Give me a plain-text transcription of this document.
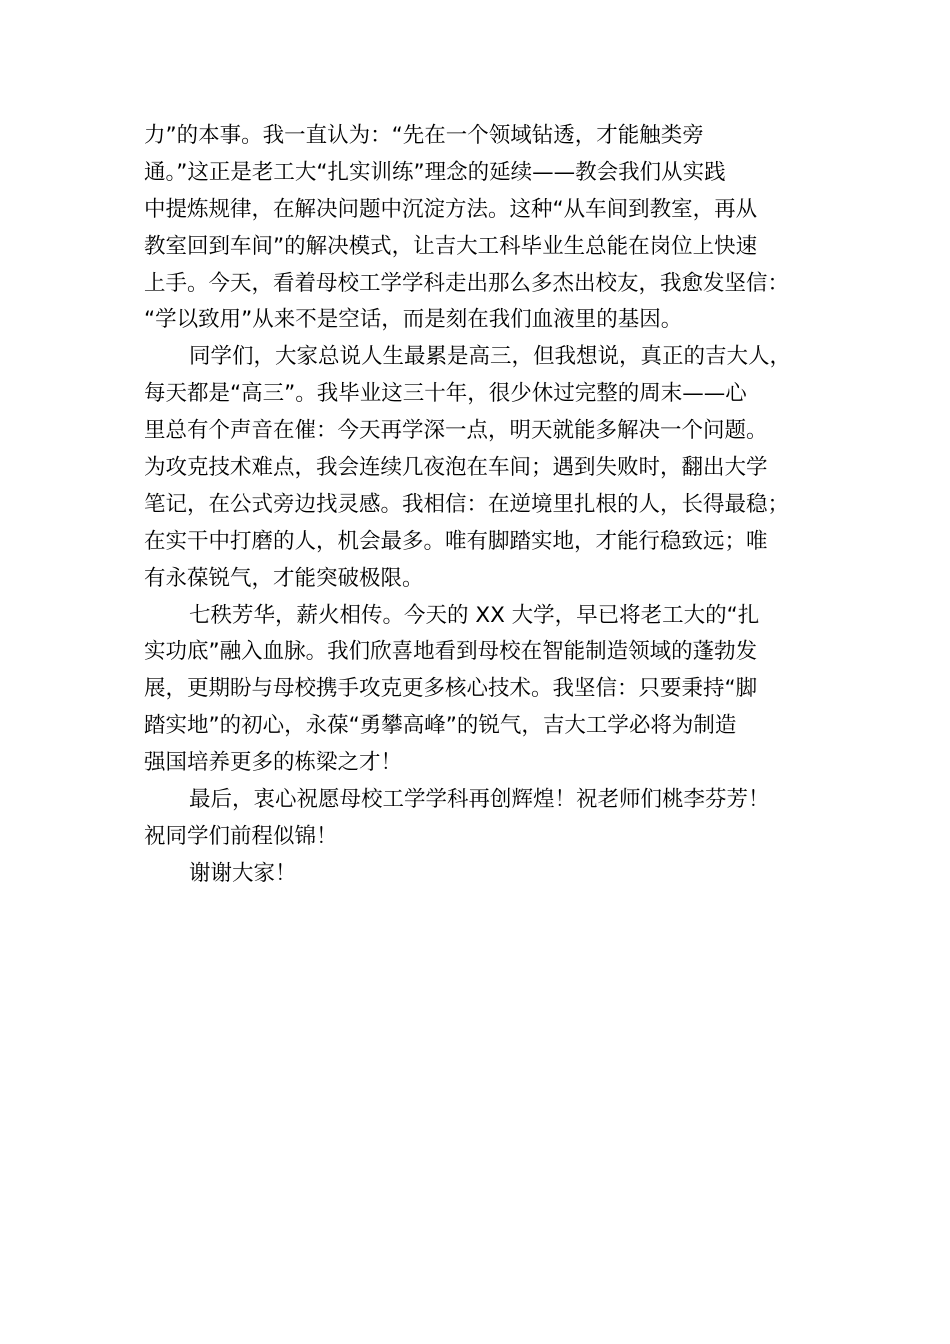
力”的本事。我一直认为：“先在一个领域钻透，才能触类旁
通。”这正是老工大“扎实训练”理念的延续——教会我们从实践
中提炼规律，在解决问题中沉淀方法。这种“从车间到教室，再从
教室回到车间”的解决模式，让吉大工科毕业生总能在岗位上快速
上手。今天，看着母校工学学科走出那么多杰出校友，我愈发坚信：
“学以致用”从来不是空话，而是刻在我们血液里的基因。
同学们，大家总说人生最累是高三，但我想说，真正的吉大人，
每天都是“高三”。我毕业这三十年，很少休过完整的周末——心
里总有个声音在催：今天再学深一点，明天就能多解决一个问题。
为攻克技术难点，我会连续几夜泡在车间；遇到失败时，翻出大学
笔记，在公式旁边找灵感。我相信：在逆境里扎根的人，长得最稳；
在实干中打磨的人，机会最多。唯有脚踏实地，才能行稳致远；唯
有永葆锐气，才能突破极限。
七秩芳华，薪火相传。今天的 XX 大学，早已将老工大的“扎
实功底”融入血脉。我们欣喜地看到母校在智能制造领域的蓬勃发
展，更期盼与母校携手攻克更多核心技术。我坚信：只要秉持“脚
踏实地”的初心，永葆“勇攀高峰”的锐气，吉大工学必将为制造
强国培养更多的栋梁之才！
最后，衷心祝愿母校工学学科再创辉煌！祝老师们桃李芬芳！
祝同学们前程似锦！
谢谢大家！
